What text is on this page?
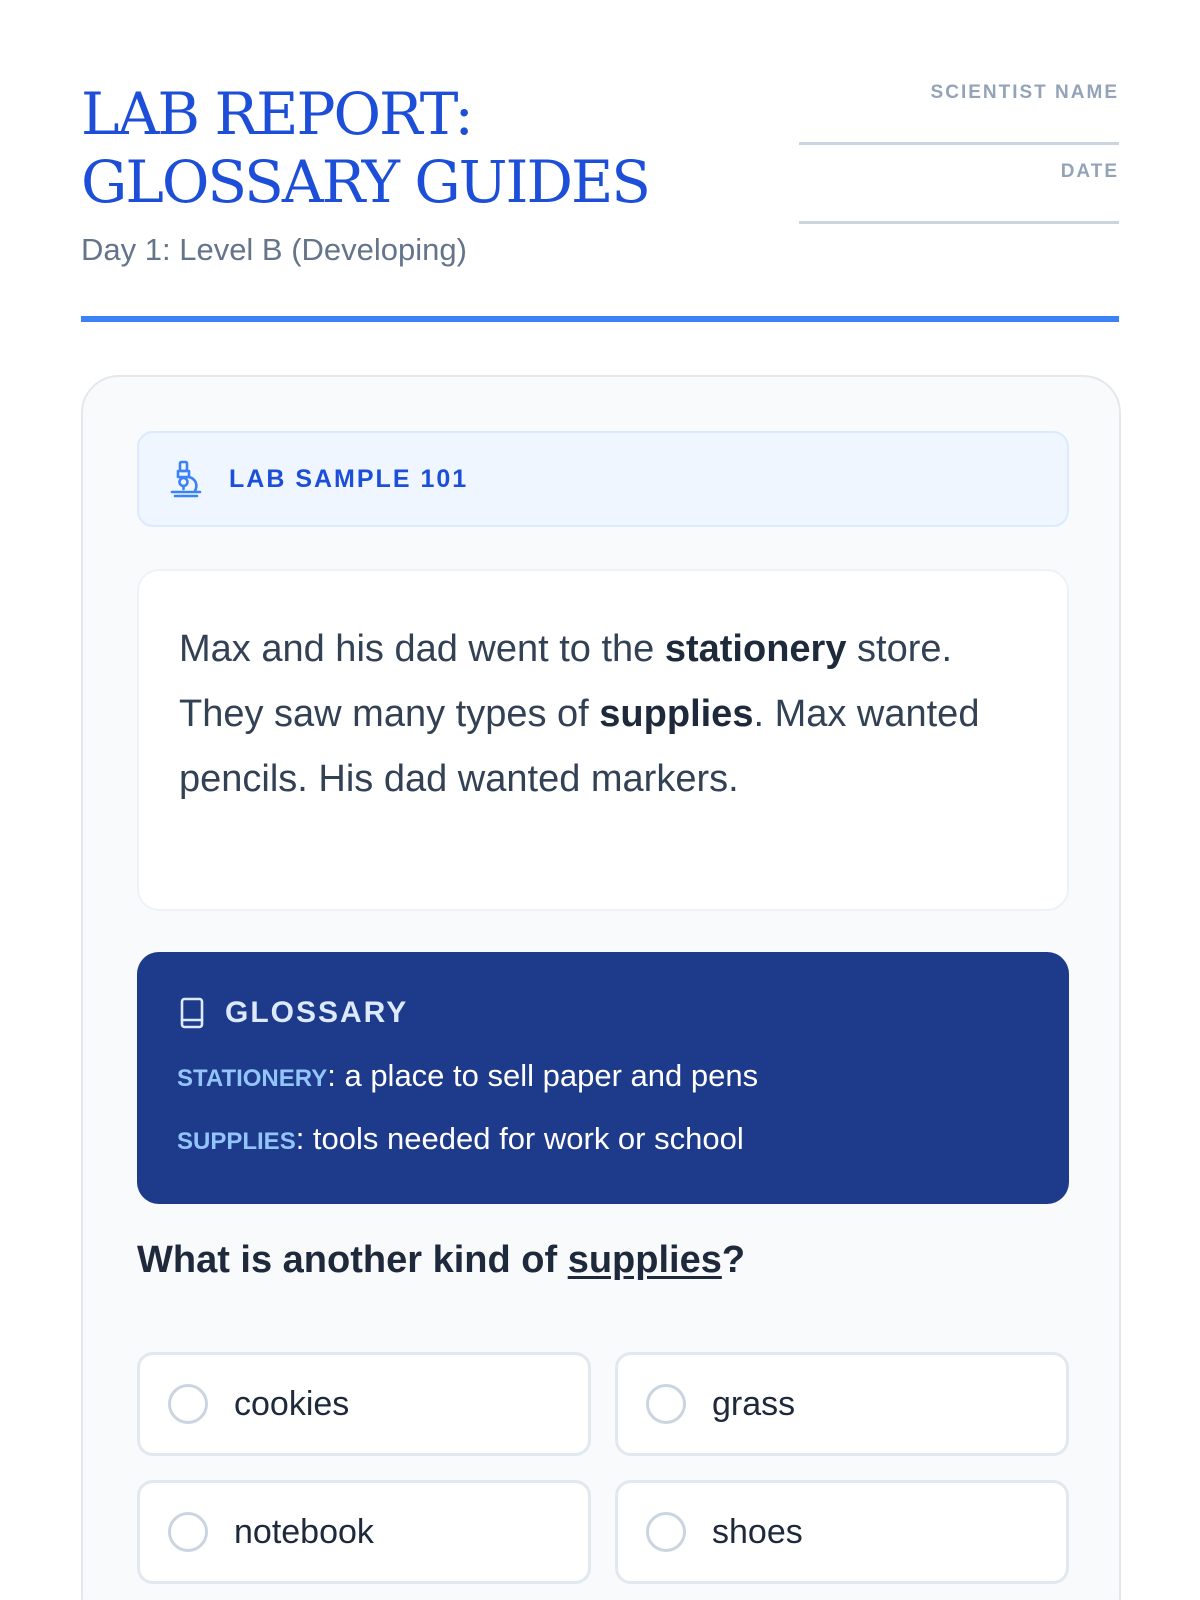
LAB REPORT: GLOSSARY GUIDES
Day 1: Level B (Developing)
SCIENTIST NAME
DATE
LAB SAMPLE 101
Max and his dad went to the stationery store. They saw many types of supplies. Max wanted pencils. His dad wanted markers.
GLOSSARY
STATIONERY: a place to sell paper and pens
SUPPLIES: tools needed for work or school
What is another kind of supplies?
cookies	grass
notebook	shoes
